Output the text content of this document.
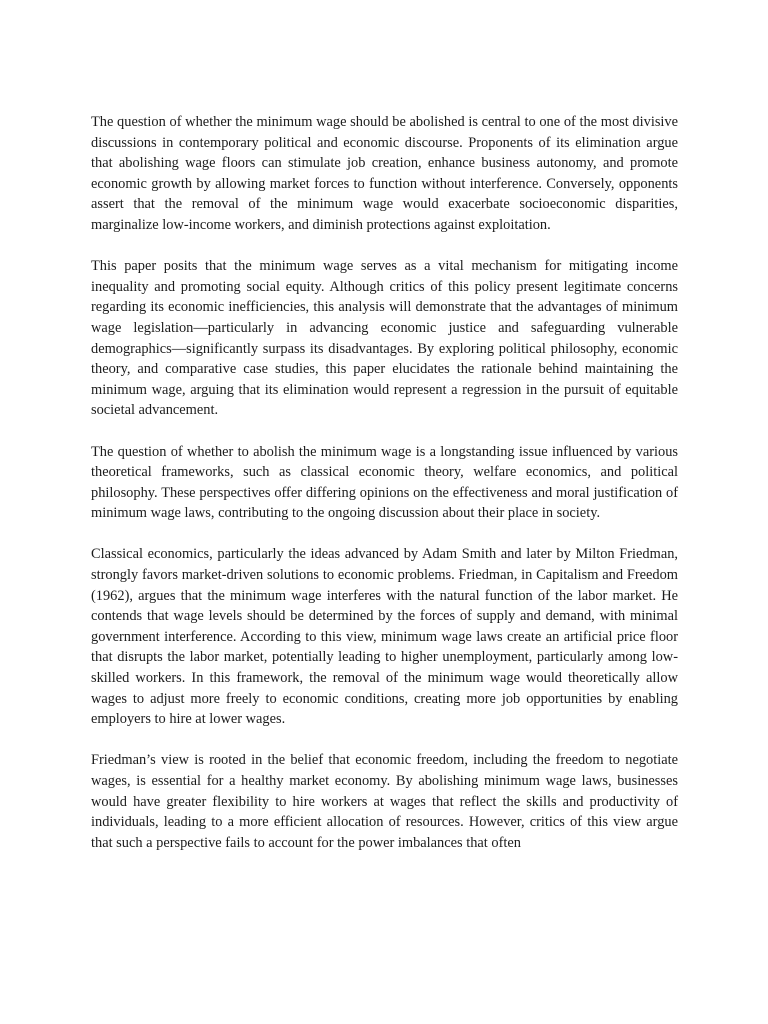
The question of whether the minimum wage should be abolished is central to one of the most divisive discussions in contemporary political and economic discourse. Proponents of its elimination argue that abolishing wage floors can stimulate job creation, enhance business autonomy, and promote economic growth by allowing market forces to function without interference. Conversely, opponents assert that the removal of the minimum wage would exacerbate socioeconomic disparities, marginalize low-income workers, and diminish protections against exploitation.

This paper posits that the minimum wage serves as a vital mechanism for mitigating income inequality and promoting social equity. Although critics of this policy present legitimate concerns regarding its economic inefficiencies, this analysis will demonstrate that the advantages of minimum wage legislation—particularly in advancing economic justice and safeguarding vulnerable demographics—significantly surpass its disadvantages. By exploring political philosophy, economic theory, and comparative case studies, this paper elucidates the rationale behind maintaining the minimum wage, arguing that its elimination would represent a regression in the pursuit of equitable societal advancement.

The question of whether to abolish the minimum wage is a longstanding issue influenced by various theoretical frameworks, such as classical economic theory, welfare economics, and political philosophy. These perspectives offer differing opinions on the effectiveness and moral justification of minimum wage laws, contributing to the ongoing discussion about their place in society.

Classical economics, particularly the ideas advanced by Adam Smith and later by Milton Friedman, strongly favors market-driven solutions to economic problems. Friedman, in Capitalism and Freedom (1962), argues that the minimum wage interferes with the natural function of the labor market. He contends that wage levels should be determined by the forces of supply and demand, with minimal government interference. According to this view, minimum wage laws create an artificial price floor that disrupts the labor market, potentially leading to higher unemployment, particularly among low-skilled workers. In this framework, the removal of the minimum wage would theoretically allow wages to adjust more freely to economic conditions, creating more job opportunities by enabling employers to hire at lower wages.

Friedman’s view is rooted in the belief that economic freedom, including the freedom to negotiate wages, is essential for a healthy market economy. By abolishing minimum wage laws, businesses would have greater flexibility to hire workers at wages that reflect the skills and productivity of individuals, leading to a more efficient allocation of resources. However, critics of this view argue that such a perspective fails to account for the power imbalances that often
